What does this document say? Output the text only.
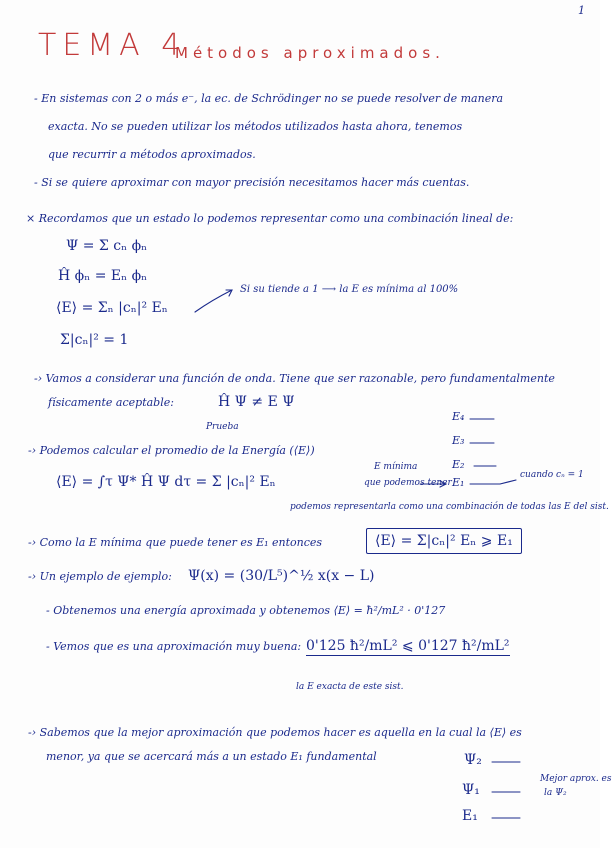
1
TEMA 4
Métodos aproximados.
- En sistemas con 2 o más e⁻, la ec. de Schrödinger no se puede resolver de manera
exacta. No se pueden utilizar los métodos utilizados hasta ahora, tenemos
que recurrir a métodos aproximados.
- Si se quiere aproximar con mayor precisión necesitamos hacer más cuentas.
× Recordamos que un estado lo podemos representar como una combinación lineal de:
Ψ = Σ cₙ ϕₙ
Ĥ ϕₙ = Eₙ ϕₙ
⟨E⟩ = Σₙ |cₙ|² Eₙ
Σ|cₙ|² = 1
Si su tiende a 1 ⟶ la E es mínima al 100%
-› Vamos a considerar una función de onda. Tiene que ser razonable, pero fundamentalmente
físicamente aceptable:	Ĥ Ψ ≠ E Ψ
Prueba
E₄
E₃
E₂
E₁
-› Podemos calcular el promedio de la Energía (⟨E⟩)
⟨E⟩ = ∫τ Ψ* Ĥ Ψ dτ = Σ |cₙ|² Eₙ
E mínima
que podemos tener
cuando cₙ = 1
podemos representarla como una combinación de todas las E del sist.
-› Como la E mínima que puede tener es E₁ entonces	⟨E⟩ = Σ|cₙ|² Eₙ ⩾ E₁
-› Un ejemplo de ejemplo: Ψ(x) = (30/L⁵)^½ x(x − L)
- Obtenemos una energía aproximada y obtenemos ⟨E⟩ = ħ²/mL² · 0'127
- Vemos que es una aproximación muy buena: 0'125 ħ²/mL² ⩽ 0'127 ħ²/mL²
la E exacta de este sist.
-› Sabemos que la mejor aproximación que podemos hacer es aquella en la cual la ⟨E⟩ es
menor, ya que se acercará más a un estado E₁ fundamental	Ψ₂
Ψ₁
E₁
Mejor aprox. es
la Ψ₂
